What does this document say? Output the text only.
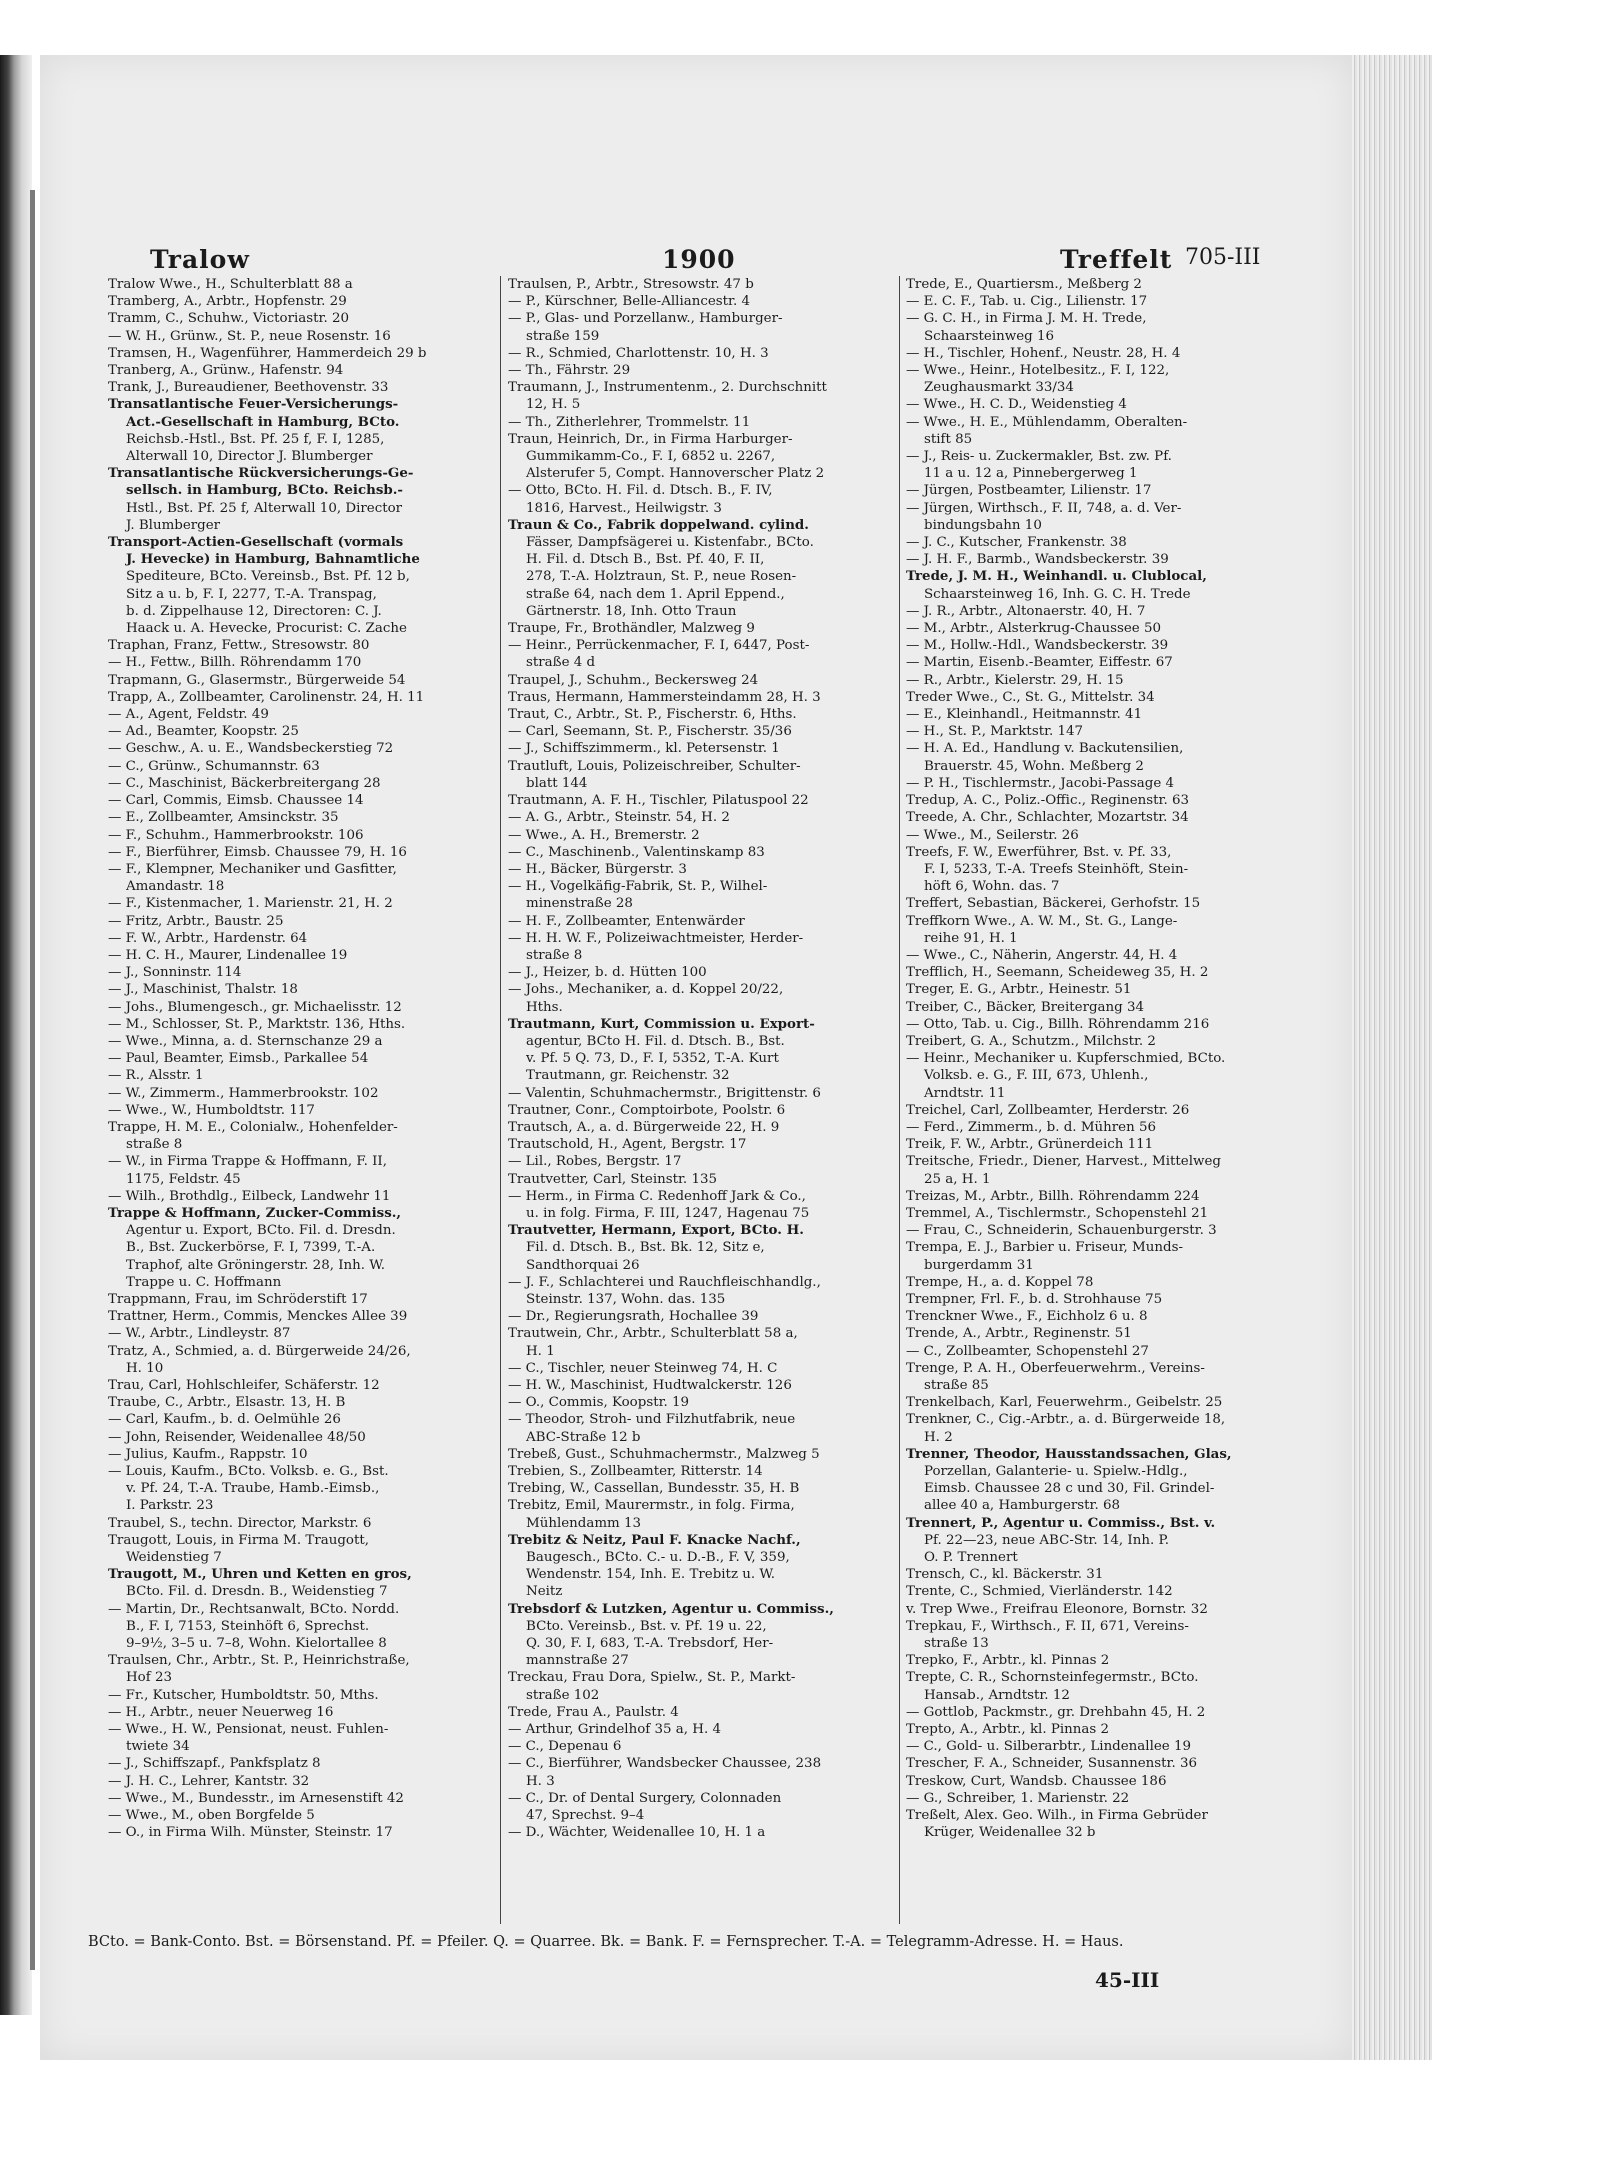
Tralow	1900	Treffelt 705-III
Tralow Wwe., H., Schulterblatt 88 a
Tramberg, A., Arbtr., Hopfenstr. 29
Tramm, C., Schuhw., Victoriastr. 20
— W. H., Grünw., St. P., neue Rosenstr. 16
Tramsen, H., Wagenführer, Hammerdeich 29 b
Tranberg, A., Grünw., Hafenstr. 94
Trank, J., Bureaudiener, Beethovenstr. 33
Transatlantische Feuer-Versicherungs-
Act.-Gesellschaft in Hamburg, BCto.
Reichsb.-Hstl., Bst. Pf. 25 f, F. I, 1285,
Alterwall 10, Director J. Blumberger
Transatlantische Rückversicherungs-Ge-
sellsch. in Hamburg, BCto. Reichsb.-
Hstl., Bst. Pf. 25 f, Alterwall 10, Director
J. Blumberger
Transport-Actien-Gesellschaft (vormals
J. Hevecke) in Hamburg, Bahnamtliche
Spediteure, BCto. Vereinsb., Bst. Pf. 12 b,
Sitz a u. b, F. I, 2277, T.-A. Transpag,
b. d. Zippelhause 12, Directoren: C. J.
Haack u. A. Hevecke, Procurist: C. Zache
Traphan, Franz, Fettw., Stresowstr. 80
— H., Fettw., Billh. Röhrendamm 170
Trapmann, G., Glasermstr., Bürgerweide 54
Trapp, A., Zollbeamter, Carolinenstr. 24, H. 11
— A., Agent, Feldstr. 49
— Ad., Beamter, Koopstr. 25
— Geschw., A. u. E., Wandsbeckerstieg 72
— C., Grünw., Schumannstr. 63
— C., Maschinist, Bäckerbreitergang 28
— Carl, Commis, Eimsb. Chaussee 14
— E., Zollbeamter, Amsinckstr. 35
— F., Schuhm., Hammerbrookstr. 106
— F., Bierführer, Eimsb. Chaussee 79, H. 16
— F., Klempner, Mechaniker und Gasfitter,
Amandastr. 18
— F., Kistenmacher, 1. Marienstr. 21, H. 2
— Fritz, Arbtr., Baustr. 25
— F. W., Arbtr., Hardenstr. 64
— H. C. H., Maurer, Lindenallee 19
— J., Sonninstr. 114
— J., Maschinist, Thalstr. 18
— Johs., Blumengesch., gr. Michaelisstr. 12
— M., Schlosser, St. P., Marktstr. 136, Hths.
— Wwe., Minna, a. d. Sternschanze 29 a
— Paul, Beamter, Eimsb., Parkallee 54
— R., Alsstr. 1
— W., Zimmerm., Hammerbrookstr. 102
— Wwe., W., Humboldtstr. 117
Trappe, H. M. E., Colonialw., Hohenfelder-
straße 8
— W., in Firma Trappe & Hoffmann, F. II,
1175, Feldstr. 45
— Wilh., Brothdlg., Eilbeck, Landwehr 11
Trappe & Hoffmann, Zucker-Commiss.,
Agentur u. Export, BCto. Fil. d. Dresdn.
B., Bst. Zuckerbörse, F. I, 7399, T.-A.
Traphof, alte Gröningerstr. 28, Inh. W.
Trappe u. C. Hoffmann
Trappmann, Frau, im Schröderstift 17
Trattner, Herm., Commis, Menckes Allee 39
— W., Arbtr., Lindleystr. 87
Tratz, A., Schmied, a. d. Bürgerweide 24/26,
H. 10
Trau, Carl, Hohlschleifer, Schäferstr. 12
Traube, C., Arbtr., Elsastr. 13, H. B
— Carl, Kaufm., b. d. Oelmühle 26
— John, Reisender, Weidenallee 48/50
— Julius, Kaufm., Rappstr. 10
— Louis, Kaufm., BCto. Volksb. e. G., Bst.
v. Pf. 24, T.-A. Traube, Hamb.-Eimsb.,
I. Parkstr. 23
Traubel, S., techn. Director, Markstr. 6
Traugott, Louis, in Firma M. Traugott,
Weidenstieg 7
Traugott, M., Uhren und Ketten en gros,
BCto. Fil. d. Dresdn. B., Weidenstieg 7
— Martin, Dr., Rechtsanwalt, BCto. Nordd.
B., F. I, 7153, Steinhöft 6, Sprechst.
9–9½, 3–5 u. 7–8, Wohn. Kielortallee 8
Traulsen, Chr., Arbtr., St. P., Heinrichstraße,
Hof 23
— Fr., Kutscher, Humboldtstr. 50, Mths.
— H., Arbtr., neuer Neuerweg 16
— Wwe., H. W., Pensionat, neust. Fuhlen-
twiete 34
— J., Schiffszapf., Pankfsplatz 8
— J. H. C., Lehrer, Kantstr. 32
— Wwe., M., Bundesstr., im Arnesenstift 42
— Wwe., M., oben Borgfelde 5
— O., in Firma Wilh. Münster, Steinstr. 17
Traulsen, P., Arbtr., Stresowstr. 47 b
— P., Kürschner, Belle-Alliancestr. 4
— P., Glas- und Porzellanw., Hamburger-
straße 159
— R., Schmied, Charlottenstr. 10, H. 3
— Th., Fährstr. 29
Traumann, J., Instrumentenm., 2. Durchschnitt
12, H. 5
— Th., Zitherlehrer, Trommelstr. 11
Traun, Heinrich, Dr., in Firma Harburger-
Gummikamm-Co., F. I, 6852 u. 2267,
Alsterufer 5, Compt. Hannoverscher Platz 2
— Otto, BCto. H. Fil. d. Dtsch. B., F. IV,
1816, Harvest., Heilwigstr. 3
Traun & Co., Fabrik doppelwand. cylind.
Fässer, Dampfsägerei u. Kistenfabr., BCto.
H. Fil. d. Dtsch B., Bst. Pf. 40, F. II,
278, T.-A. Holztraun, St. P., neue Rosen-
straße 64, nach dem 1. April Eppend.,
Gärtnerstr. 18, Inh. Otto Traun
Traupe, Fr., Brothändler, Malzweg 9
— Heinr., Perrückenmacher, F. I, 6447, Post-
straße 4 d
Traupel, J., Schuhm., Beckersweg 24
Traus, Hermann, Hammersteindamm 28, H. 3
Traut, C., Arbtr., St. P., Fischerstr. 6, Hths.
— Carl, Seemann, St. P., Fischerstr. 35/36
— J., Schiffszimmerm., kl. Petersenstr. 1
Trautluft, Louis, Polizeischreiber, Schulter-
blatt 144
Trautmann, A. F. H., Tischler, Pilatuspool 22
— A. G., Arbtr., Steinstr. 54, H. 2
— Wwe., A. H., Bremerstr. 2
— C., Maschinenb., Valentinskamp 83
— H., Bäcker, Bürgerstr. 3
— H., Vogelkäfig-Fabrik, St. P., Wilhel-
minenstraße 28
— H. F., Zollbeamter, Entenwärder
— H. H. W. F., Polizeiwachtmeister, Herder-
straße 8
— J., Heizer, b. d. Hütten 100
— Johs., Mechaniker, a. d. Koppel 20/22,
Hths.
Trautmann, Kurt, Commission u. Export-
agentur, BCto H. Fil. d. Dtsch. B., Bst.
v. Pf. 5 Q. 73, D., F. I, 5352, T.-A. Kurt
Trautmann, gr. Reichenstr. 32
— Valentin, Schuhmachermstr., Brigittenstr. 6
Trautner, Conr., Comptoirbote, Poolstr. 6
Trautsch, A., a. d. Bürgerweide 22, H. 9
Trautschold, H., Agent, Bergstr. 17
— Lil., Robes, Bergstr. 17
Trautvetter, Carl, Steinstr. 135
— Herm., in Firma C. Redenhoff Jark & Co.,
u. in folg. Firma, F. III, 1247, Hagenau 75
Trautvetter, Hermann, Export, BCto. H.
Fil. d. Dtsch. B., Bst. Bk. 12, Sitz e,
Sandthorquai 26
— J. F., Schlachterei und Rauchfleischhandlg.,
Steinstr. 137, Wohn. das. 135
— Dr., Regierungsrath, Hochallee 39
Trautwein, Chr., Arbtr., Schulterblatt 58 a,
H. 1
— C., Tischler, neuer Steinweg 74, H. C
— H. W., Maschinist, Hudtwalckerstr. 126
— O., Commis, Koopstr. 19
— Theodor, Stroh- und Filzhutfabrik, neue
ABC-Straße 12 b
Trebeß, Gust., Schuhmachermstr., Malzweg 5
Trebien, S., Zollbeamter, Ritterstr. 14
Trebing, W., Cassellan, Bundesstr. 35, H. B
Trebitz, Emil, Maurermstr., in folg. Firma,
Mühlendamm 13
Trebitz & Neitz, Paul F. Knacke Nachf.,
Baugesch., BCto. C.- u. D.-B., F. V, 359,
Wendenstr. 154, Inh. E. Trebitz u. W.
Neitz
Trebsdorf & Lutzken, Agentur u. Commiss.,
BCto. Vereinsb., Bst. v. Pf. 19 u. 22,
Q. 30, F. I, 683, T.-A. Trebsdorf, Her-
mannstraße 27
Treckau, Frau Dora, Spielw., St. P., Markt-
straße 102
Trede, Frau A., Paulstr. 4
— Arthur, Grindelhof 35 a, H. 4
— C., Depenau 6
— C., Bierführer, Wandsbecker Chaussee, 238
H. 3
— C., Dr. of Dental Surgery, Colonnaden
47, Sprechst. 9–4
— D., Wächter, Weidenallee 10, H. 1 a
Trede, E., Quartiersm., Meßberg 2
— E. C. F., Tab. u. Cig., Lilienstr. 17
— G. C. H., in Firma J. M. H. Trede,
Schaarsteinweg 16
— H., Tischler, Hohenf., Neustr. 28, H. 4
— Wwe., Heinr., Hotelbesitz., F. I, 122,
Zeughausmarkt 33/34
— Wwe., H. C. D., Weidenstieg 4
— Wwe., H. E., Mühlendamm, Oberalten-
stift 85
— J., Reis- u. Zuckermakler, Bst. zw. Pf.
11 a u. 12 a, Pinnebergerweg 1
— Jürgen, Postbeamter, Lilienstr. 17
— Jürgen, Wirthsch., F. II, 748, a. d. Ver-
bindungsbahn 10
— J. C., Kutscher, Frankenstr. 38
— J. H. F., Barmb., Wandsbeckerstr. 39
Trede, J. M. H., Weinhandl. u. Clublocal,
Schaarsteinweg 16, Inh. G. C. H. Trede
— J. R., Arbtr., Altonaerstr. 40, H. 7
— M., Arbtr., Alsterkrug-Chaussee 50
— M., Hollw.-Hdl., Wandsbeckerstr. 39
— Martin, Eisenb.-Beamter, Eiffestr. 67
— R., Arbtr., Kielerstr. 29, H. 15
Treder Wwe., C., St. G., Mittelstr. 34
— E., Kleinhandl., Heitmannstr. 41
— H., St. P., Marktstr. 147
— H. A. Ed., Handlung v. Backutensilien,
Brauerstr. 45, Wohn. Meßberg 2
— P. H., Tischlermstr., Jacobi-Passage 4
Tredup, A. C., Poliz.-Offic., Reginenstr. 63
Treede, A. Chr., Schlachter, Mozartstr. 34
— Wwe., M., Seilerstr. 26
Treefs, F. W., Ewerführer, Bst. v. Pf. 33,
F. I, 5233, T.-A. Treefs Steinhöft, Stein-
höft 6, Wohn. das. 7
Treffert, Sebastian, Bäckerei, Gerhofstr. 15
Treffkorn Wwe., A. W. M., St. G., Lange-
reihe 91, H. 1
— Wwe., C., Näherin, Angerstr. 44, H. 4
Trefflich, H., Seemann, Scheideweg 35, H. 2
Treger, E. G., Arbtr., Heinestr. 51
Treiber, C., Bäcker, Breitergang 34
— Otto, Tab. u. Cig., Billh. Röhrendamm 216
Treibert, G. A., Schutzm., Milchstr. 2
— Heinr., Mechaniker u. Kupferschmied, BCto.
Volksb. e. G., F. III, 673, Uhlenh.,
Arndtstr. 11
Treichel, Carl, Zollbeamter, Herderstr. 26
— Ferd., Zimmerm., b. d. Mühren 56
Treik, F. W., Arbtr., Grünerdeich 111
Treitsche, Friedr., Diener, Harvest., Mittelweg
25 a, H. 1
Treizas, M., Arbtr., Billh. Röhrendamm 224
Tremmel, A., Tischlermstr., Schopenstehl 21
— Frau, C., Schneiderin, Schauenburgerstr. 3
Trempa, E. J., Barbier u. Friseur, Munds-
burgerdamm 31
Trempe, H., a. d. Koppel 78
Trempner, Frl. F., b. d. Strohhause 75
Trenckner Wwe., F., Eichholz 6 u. 8
Trende, A., Arbtr., Reginenstr. 51
— C., Zollbeamter, Schopenstehl 27
Trenge, P. A. H., Oberfeuerwehrm., Vereins-
straße 85
Trenkelbach, Karl, Feuerwehrm., Geibelstr. 25
Trenkner, C., Cig.-Arbtr., a. d. Bürgerweide 18,
H. 2
Trenner, Theodor, Hausstandssachen, Glas,
Porzellan, Galanterie- u. Spielw.-Hdlg.,
Eimsb. Chaussee 28 c und 30, Fil. Grindel-
allee 40 a, Hamburgerstr. 68
Trennert, P., Agentur u. Commiss., Bst. v.
Pf. 22—23, neue ABC-Str. 14, Inh. P.
O. P. Trennert
Trensch, C., kl. Bäckerstr. 31
Trente, C., Schmied, Vierländerstr. 142
v. Trep Wwe., Freifrau Eleonore, Bornstr. 32
Trepkau, F., Wirthsch., F. II, 671, Vereins-
straße 13
Trepko, F., Arbtr., kl. Pinnas 2
Trepte, C. R., Schornsteinfegermstr., BCto.
Hansab., Arndtstr. 12
— Gottlob, Packmstr., gr. Drehbahn 45, H. 2
Trepto, A., Arbtr., kl. Pinnas 2
— C., Gold- u. Silberarbtr., Lindenallee 19
Trescher, F. A., Schneider, Susannenstr. 36
Treskow, Curt, Wandsb. Chaussee 186
— G., Schreiber, 1. Marienstr. 22
Treßelt, Alex. Geo. Wilh., in Firma Gebrüder
Krüger, Weidenallee 32 b
BCto. = Bank-Conto. Bst. = Börsenstand. Pf. = Pfeiler. Q. = Quarree. Bk. = Bank. F. = Fernsprecher. T.-A. = Telegramm-Adresse. H. = Haus.
45-III
